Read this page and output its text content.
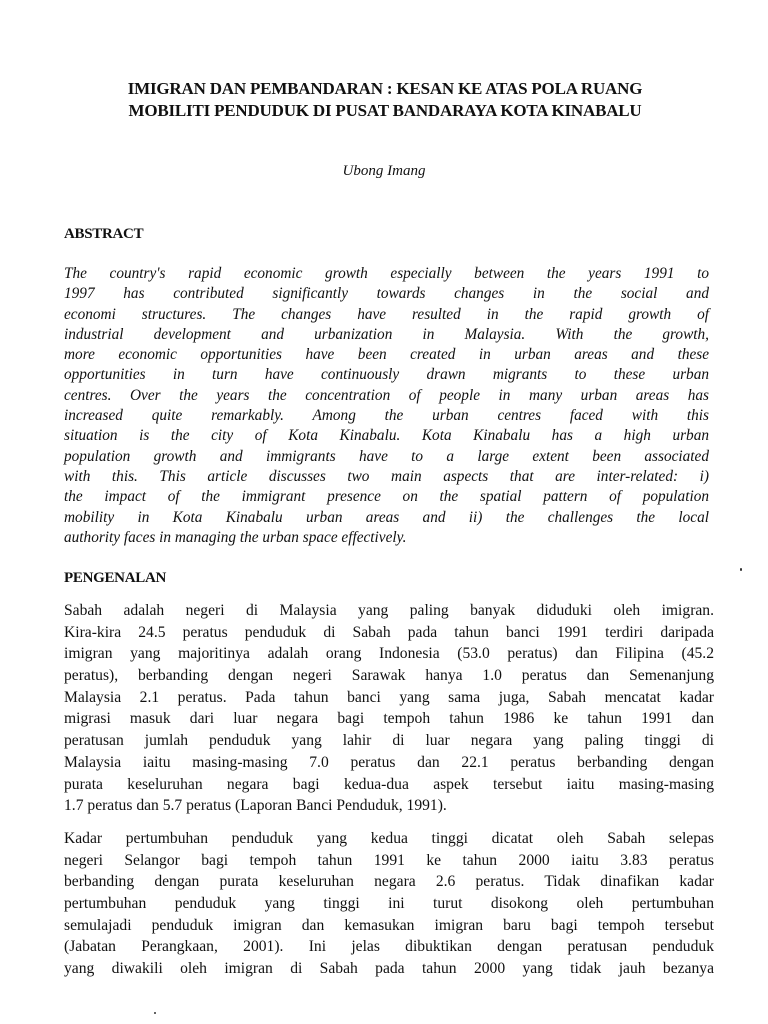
IMIGRAN DAN PEMBANDARAN : KESAN KE ATAS POLA RUANG
MOBILITI PENDUDUK DI PUSAT BANDARAYA KOTA KINABALU
Ubong Imang
ABSTRACT
The country's rapid economic growth especially between the years 1991 to
1997 has contributed significantly towards changes in the social and
economi structures. The changes have resulted in the rapid growth of
industrial development and urbanization in Malaysia. With the growth,
more economic opportunities have been created in urban areas and these
opportunities in turn have continuously drawn migrants to these urban
centres. Over the years the concentration of people in many urban areas has
increased quite remarkably. Among the urban centres faced with this
situation is the city of Kota Kinabalu. Kota Kinabalu has a high urban
population growth and immigrants have to a large extent been associated
with this. This article discusses two main aspects that are inter-related: i)
the impact of the immigrant presence on the spatial pattern of population
mobility in Kota Kinabalu urban areas and ii) the challenges the local
authority faces in managing the urban space effectively.
PENGENALAN
Sabah adalah negeri di Malaysia yang paling banyak diduduki oleh imigran.
Kira-kira 24.5 peratus penduduk di Sabah pada tahun banci 1991 terdiri daripada
imigran yang majoritinya adalah orang Indonesia (53.0 peratus) dan Filipina (45.2
peratus), berbanding dengan negeri Sarawak hanya 1.0 peratus dan Semenanjung
Malaysia 2.1 peratus. Pada tahun banci yang sama juga, Sabah mencatat kadar
migrasi masuk dari luar negara bagi tempoh tahun 1986 ke tahun 1991 dan
peratusan jumlah penduduk yang lahir di luar negara yang paling tinggi di
Malaysia iaitu masing-masing 7.0 peratus dan 22.1 peratus berbanding dengan
purata keseluruhan negara bagi kedua-dua aspek tersebut iaitu masing-masing
1.7 peratus dan 5.7 peratus (Laporan Banci Penduduk, 1991).
Kadar pertumbuhan penduduk yang kedua tinggi dicatat oleh Sabah selepas
negeri Selangor bagi tempoh tahun 1991 ke tahun 2000 iaitu 3.83 peratus
berbanding dengan purata keseluruhan negara 2.6 peratus. Tidak dinafikan kadar
pertumbuhan penduduk yang tinggi ini turut disokong oleh pertumbuhan
semulajadi penduduk imigran dan kemasukan imigran baru bagi tempoh tersebut
(Jabatan Perangkaan, 2001). Ini jelas dibuktikan dengan peratusan penduduk
yang diwakili oleh imigran di Sabah pada tahun 2000 yang tidak jauh bezanya
